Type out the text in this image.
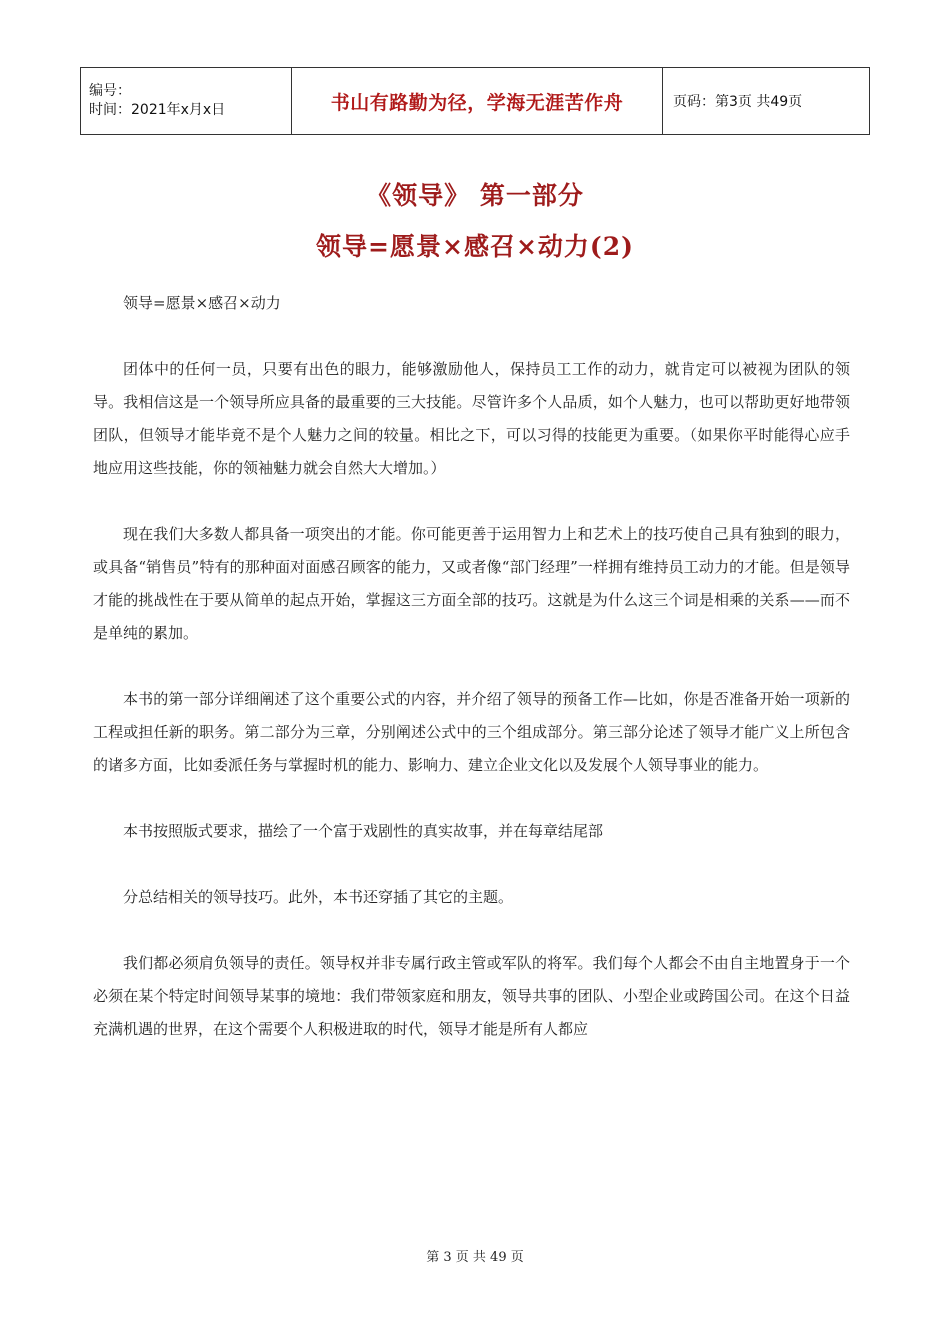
编号：
时间：2021年x月x日	书山有路勤为径，学海无涯苦作舟	页码：第3页 共49页
《领导》 第一部分
领导=愿景×感召×动力(2)

领导=愿景×感召×动力

团体中的任何一员，只要有出色的眼力，能够激励他人，保持员工工作的动力，就肯定可以被视为团队的领导。我相信这是一个领导所应具备的最重要的三大技能。尽管许多个人品质，如个人魅力，也可以帮助更好地带领团队，但领导才能毕竟不是个人魅力之间的较量。相比之下，可以习得的技能更为重要。（如果你平时能得心应手地应用这些技能，你的领袖魅力就会自然大大增加。）

现在我们大多数人都具备一项突出的才能。你可能更善于运用智力上和艺术上的技巧使自己具有独到的眼力，或具备“销售员”特有的那种面对面感召顾客的能力，又或者像“部门经理”一样拥有维持员工动力的才能。但是领导才能的挑战性在于要从简单的起点开始，掌握这三方面全部的技巧。这就是为什么这三个词是相乘的关系——而不是单纯的累加。

本书的第一部分详细阐述了这个重要公式的内容，并介绍了领导的预备工作—比如，你是否准备开始一项新的工程或担任新的职务。第二部分为三章，分别阐述公式中的三个组成部分。第三部分论述了领导才能广义上所包含的诸多方面，比如委派任务与掌握时机的能力、影响力、建立企业文化以及发展个人领导事业的能力。

本书按照版式要求，描绘了一个富于戏剧性的真实故事，并在每章结尾部

分总结相关的领导技巧。此外，本书还穿插了其它的主题。

我们都必须肩负领导的责任。领导权并非专属行政主管或军队的将军。我们每个人都会不由自主地置身于一个必须在某个特定时间领导某事的境地：我们带领家庭和朋友，领导共事的团队、小型企业或跨国公司。在这个日益充满机遇的世界，在这个需要个人积极进取的时代，领导才能是所有人都应

第 3 页 共 49 页
